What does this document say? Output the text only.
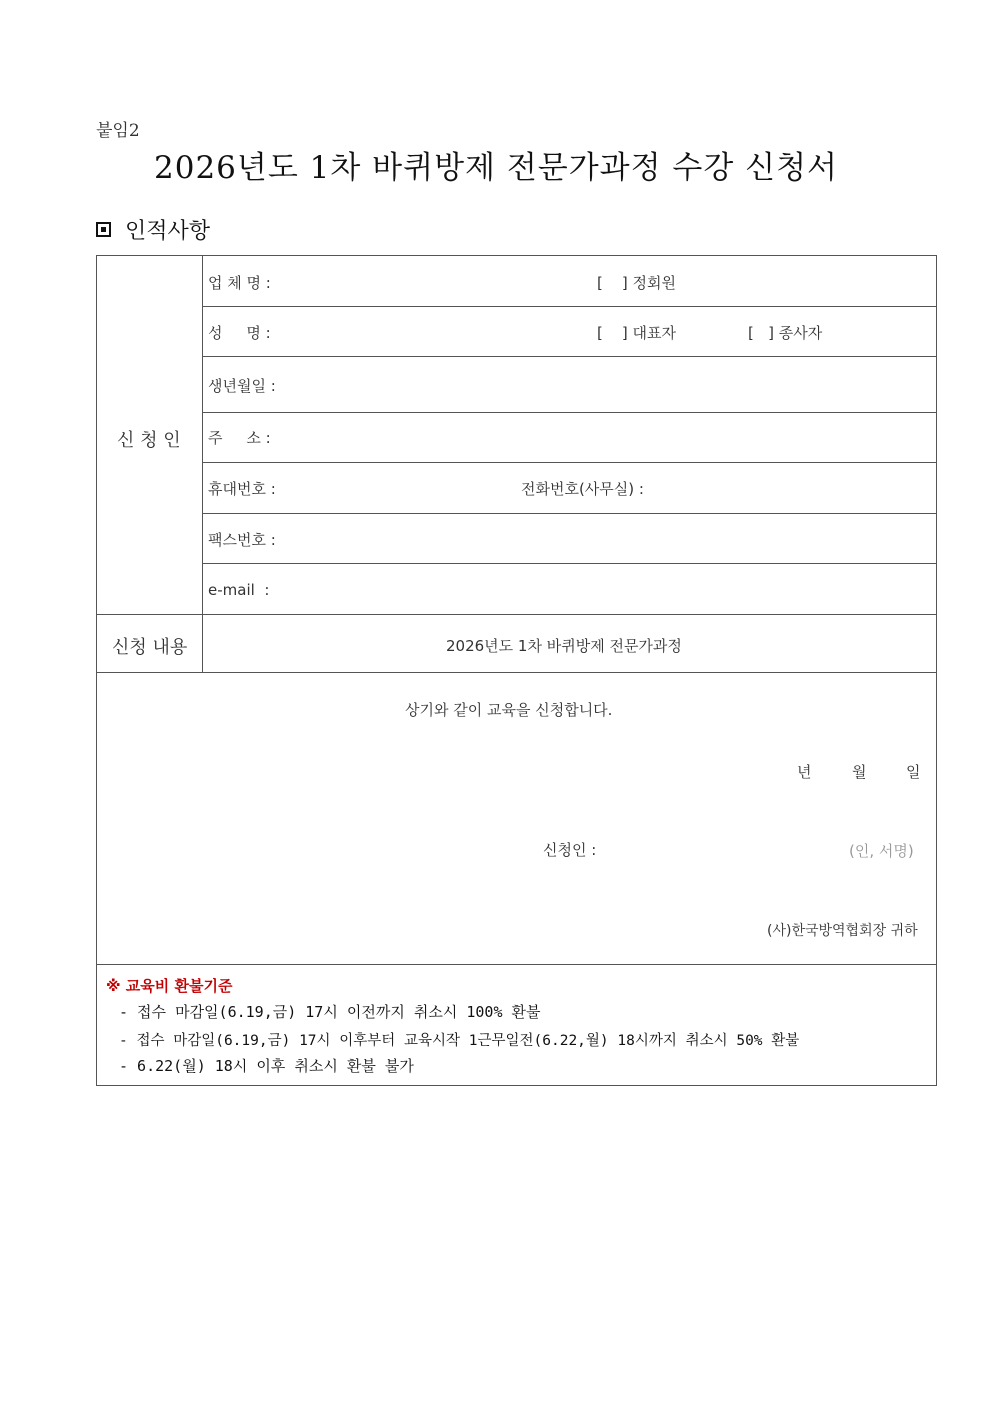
붙임2
2026년도 1차 바퀴방제 전문가과정 수강 신청서
인적사항
신 청 인
업 체 명 :	[    ] 정회원
성     명 :	[    ] 대표자	[   ] 종사자
생년월일 :
주     소 :
휴대번호 :	전화번호(사무실) :
팩스번호 :
e-mail  :
신청 내용	2026년도 1차 바퀴방제 전문가과정
상기와 같이 교육을 신청합니다.
년	월	일
신청인 :	(인, 서명)
(사)한국방역협회장 귀하
※ 교육비 환불기준
- 접수 마감일(6.19,금) 17시 이전까지 취소시 100% 환불
- 접수 마감일(6.19,금) 17시 이후부터 교육시작 1근무일전(6.22,월) 18시까지 취소시 50% 환불
- 6.22(월) 18시 이후 취소시 환불 불가
